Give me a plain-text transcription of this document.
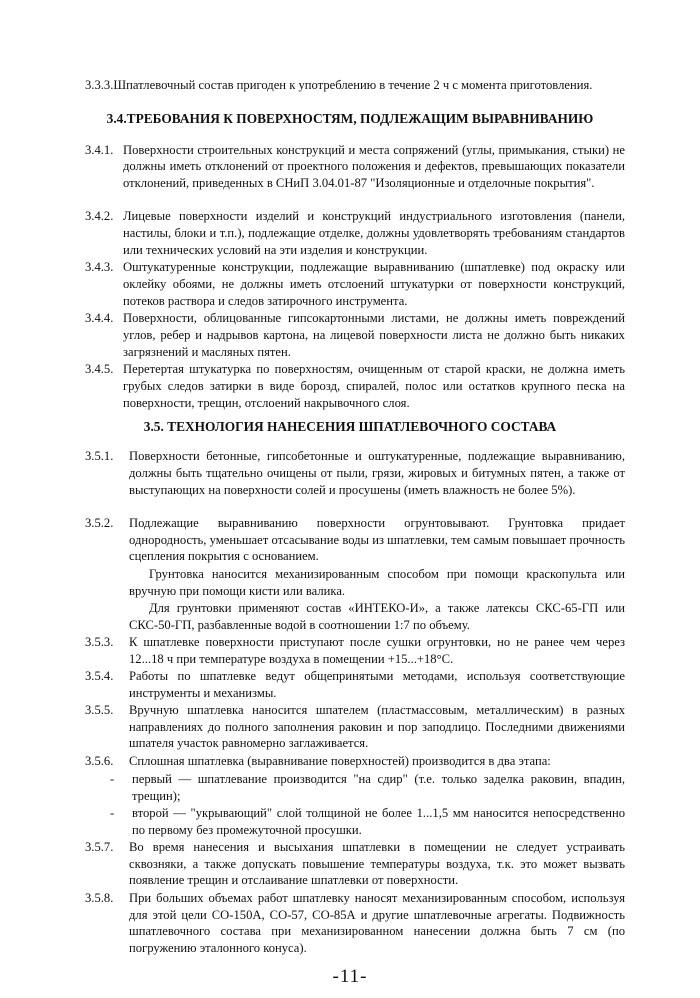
3.3.3.Шпатлевочный состав пригоден к употреблению в течение 2 ч с момента приготовления.
3.4.ТРЕБОВАНИЯ К ПОВЕРХНОСТЯМ, ПОДЛЕЖАЩИМ ВЫРАВНИВАНИЮ
3.4.1. Поверхности строительных конструкций и места сопряжений (углы, примыкания, стыки) не должны иметь отклонений от проектного положения и дефектов, превышающих показатели отклонений, приведенных в СНиП 3.04.01-87 "Изоляционные и отделочные покрытия".
3.4.2. Лицевые поверхности изделий и конструкций индустриального изготовления (панели, настилы, блоки и т.п.), подлежащие отделке, должны удовлетворять требованиям стандартов или технических условий на эти изделия и конструкции.
3.4.3. Оштукатуренные конструкции, подлежащие выравниванию (шпатлевке) под окраску или оклейку обоями, не должны иметь отслоений штукатурки от поверхности конструкций, потеков раствора и следов затирочного инструмента.
3.4.4. Поверхности, облицованные гипсокартонными листами, не должны иметь повреждений углов, ребер и надрывов картона, на лицевой поверхности листа не должно быть никаких загрязнений и масляных пятен.
3.4.5. Перетертая штукатурка по поверхностям, очищенным от старой краски, не должна иметь грубых следов затирки в виде борозд, спиралей, полос или остатков крупного песка на поверхности, трещин, отслоений накрывочного слоя.
3.5. ТЕХНОЛОГИЯ НАНЕСЕНИЯ ШПАТЛЕВОЧНОГО СОСТАВА
3.5.1. Поверхности бетонные, гипсобетонные и оштукатуренные, подлежащие выравниванию, должны быть тщательно очищены от пыли, грязи, жировых и битумных пятен, а также от выступающих на поверхности солей и просушены (иметь влажность не более 5%).
3.5.2. Подлежащие выравниванию поверхности огрунтовывают. Грунтовка придает однородность, уменьшает отсасывание воды из шпатлевки, тем самым повышает прочность сцепления покрытия с основанием.
Грунтовка наносится механизированным способом при помощи краскопульта или вручную при помощи кисти или валика.
Для грунтовки применяют состав «ИНТЕКО-И», а также латексы СКС-65-ГП или СКС-50-ГП, разбавленные водой в соотношении 1:7 по объему.
3.5.3. К шпатлевке поверхности приступают после сушки огрунтовки, но не ранее чем через 12...18 ч при температуре воздуха в помещении +15...+18°С.
3.5.4. Работы по шпатлевке ведут общепринятыми методами, используя соответствующие инструменты и механизмы.
3.5.5. Вручную шпатлевка наносится шпателем (пластмассовым, металлическим) в разных направлениях до полного заполнения раковин и пор заподлицо. Последними движениями шпателя участок равномерно заглаживается.
3.5.6. Сплошная шпатлевка (выравнивание поверхностей) производится в два этапа:
- первый — шпатлевание производится "на сдир" (т.е. только заделка раковин, впадин, трещин);
- второй — "укрывающий" слой толщиной не более 1...1,5 мм наносится непосредственно по первому без промежуточной просушки.
3.5.7. Во время нанесения и высыхания шпатлевки в помещении не следует устраивать сквозняки, а также допускать повышение температуры воздуха, т.к. это может вызвать появление трещин и отслаивание шпатлевки от поверхности.
3.5.8. При больших объемах работ шпатлевку наносят механизированным способом, используя для этой цели СО-150А, СО-57, СО-85А и другие шпатлевочные агрегаты. Подвижность шпатлевочного состава при механизированном нанесении должна быть 7 см (по погружению эталонного конуса).
-11-
